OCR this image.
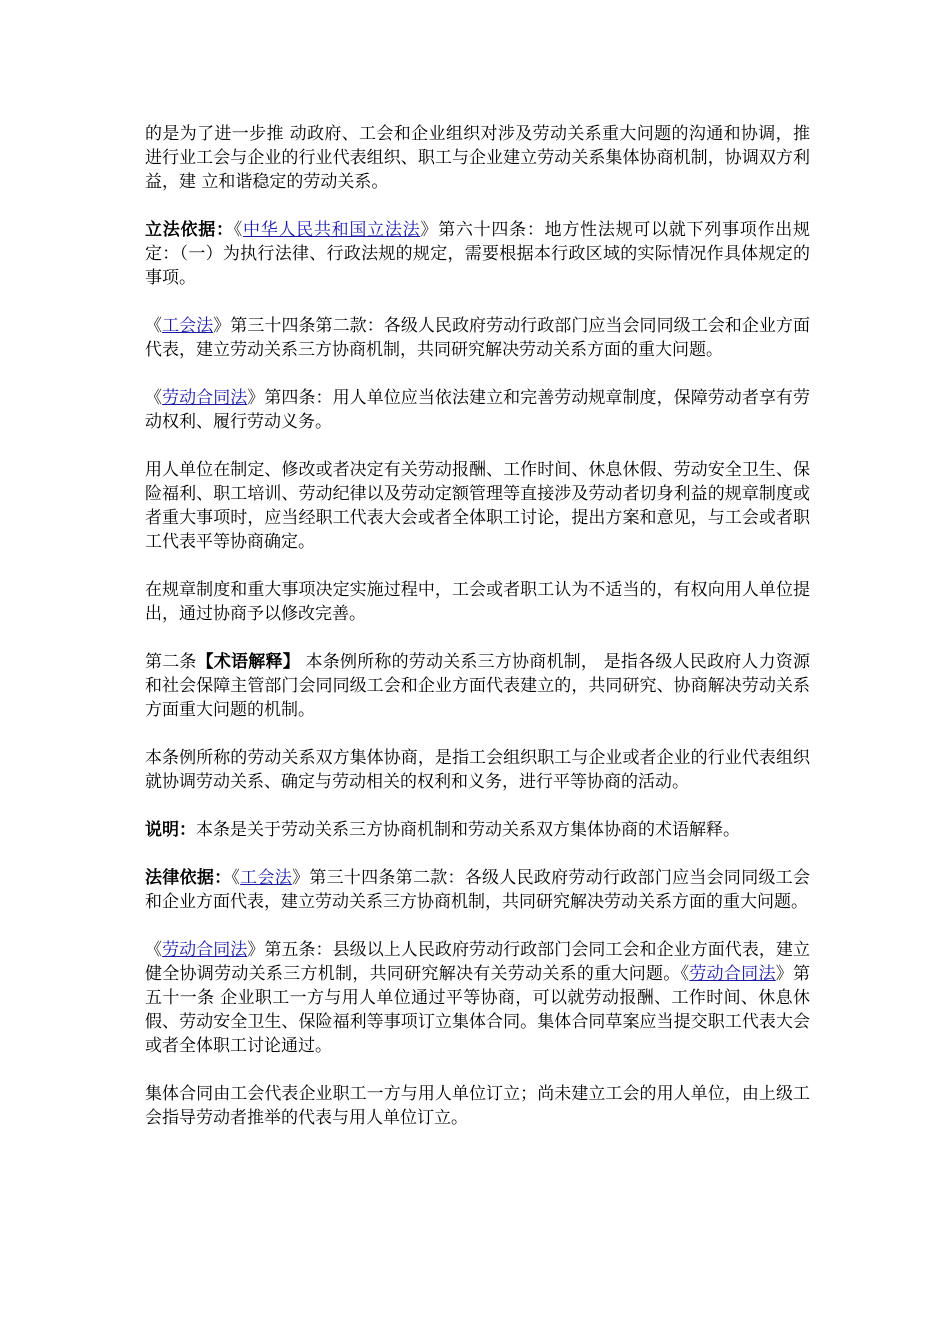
的是为了进一步推 动政府、工会和企业组织对涉及劳动关系重大问题的沟通和协调，推进行业工会与企业的行业代表组织、职工与企业建立劳动关系集体协商机制，协调双方利益，建 立和谐稳定的劳动关系。

立法依据：《中华人民共和国立法法》第六十四条：地方性法规可以就下列事项作出规定：（一）为执行法律、行政法规的规定，需要根据本行政区域的实际情况作具体规定的事项。

《工会法》第三十四条第二款：各级人民政府劳动行政部门应当会同同级工会和企业方面代表，建立劳动关系三方协商机制，共同研究解决劳动关系方面的重大问题。

《劳动合同法》第四条：用人单位应当依法建立和完善劳动规章制度，保障劳动者享有劳动权利、履行劳动义务。

用人单位在制定、修改或者决定有关劳动报酬、工作时间、休息休假、劳动安全卫生、保险福利、职工培训、劳动纪律以及劳动定额管理等直接涉及劳动者切身利益的规章制度或者重大事项时，应当经职工代表大会或者全体职工讨论，提出方案和意见，与工会或者职工代表平等协商确定。

在规章制度和重大事项决定实施过程中，工会或者职工认为不适当的，有权向用人单位提出，通过协商予以修改完善。

第二条【术语解释】 本条例所称的劳动关系三方协商机制， 是指各级人民政府人力资源和社会保障主管部门会同同级工会和企业方面代表建立的，共同研究、协商解决劳动关系方面重大问题的机制。

本条例所称的劳动关系双方集体协商，是指工会组织职工与企业或者企业的行业代表组织就协调劳动关系、确定与劳动相关的权利和义务，进行平等协商的活动。

说明：本条是关于劳动关系三方协商机制和劳动关系双方集体协商的术语解释。

法律依据：《工会法》第三十四条第二款：各级人民政府劳动行政部门应当会同同级工会和企业方面代表，建立劳动关系三方协商机制，共同研究解决劳动关系方面的重大问题。

《劳动合同法》第五条：县级以上人民政府劳动行政部门会同工会和企业方面代表，建立健全协调劳动关系三方机制，共同研究解决有关劳动关系的重大问题。《劳动合同法》第五十一条 企业职工一方与用人单位通过平等协商，可以就劳动报酬、工作时间、休息休假、劳动安全卫生、保险福利等事项订立集体合同。集体合同草案应当提交职工代表大会或者全体职工讨论通过。

集体合同由工会代表企业职工一方与用人单位订立；尚未建立工会的用人单位，由上级工会指导劳动者推举的代表与用人单位订立。
